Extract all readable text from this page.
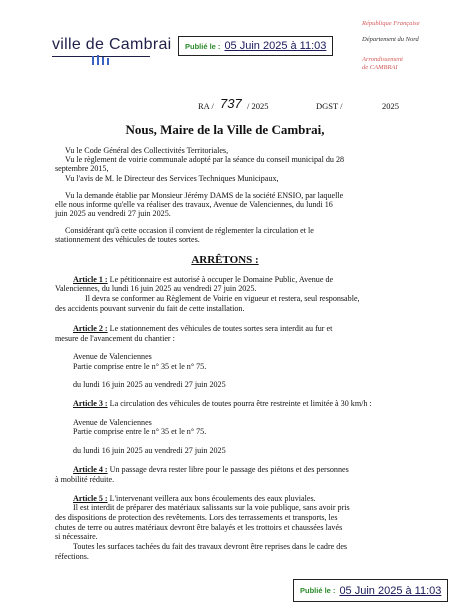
ville de Cambrai Publié le : 05 Juin 2025 à 11:03
République Française
Département du Nord
Arrondissement
de CAMBRAI
RA / 737 / 2025	DGST /	2025
Nous, Maire de la Ville de Cambrai,
Vu le Code Général des Collectivités Territoriales,
Vu le règlement de voirie communale adopté par la séance du conseil municipal du 28
septembre 2015,
Vu l'avis de M. le Directeur des Services Techniques Municipaux,
Vu la demande établie par Monsieur Jérémy DAMS de la société ENSIO, par laquelle
elle nous informe qu'elle va réaliser des travaux, Avenue de Valenciennes, du lundi 16
juin 2025 au vendredi 27 juin 2025.
Considérant qu'à cette occasion il convient de réglementer la circulation et le
stationnement des véhicules de toutes sortes.
ARRÊTONS :
Article 1 : Le pétitionnaire est autorisé à occuper le Domaine Public, Avenue de
Valenciennes, du lundi 16 juin 2025 au vendredi 27 juin 2025.
Il devra se conformer au Règlement de Voirie en vigueur et restera, seul responsable,
des accidents pouvant survenir du fait de cette installation.
Article 2 : Le stationnement des véhicules de toutes sortes sera interdit au fur et
mesure de l'avancement du chantier :
Avenue de Valenciennes
Partie comprise entre le n° 35 et le n° 75.
du lundi 16 juin 2025 au vendredi 27 juin 2025
Article 3 : La circulation des véhicules de toutes pourra être restreinte et limitée à 30 km/h :
Avenue de Valenciennes
Partie comprise entre le n° 35 et le n° 75.
du lundi 16 juin 2025 au vendredi 27 juin 2025
Article 4 : Un passage devra rester libre pour le passage des piétons et des personnes
à mobilité réduite.
Article 5 : L'intervenant veillera aux bons écoulements des eaux pluviales.
Il est interdit de préparer des matériaux salissants sur la voie publique, sans avoir pris
des dispositions de protection des revêtements. Lors des terrassements et transports, les
chutes de terre ou autres matériaux devront être balayés et les trottoirs et chaussées lavés
si nécessaire.
Toutes les surfaces tachées du fait des travaux devront être reprises dans le cadre des
réfections.
Publié le : 05 Juin 2025 à 11:03
